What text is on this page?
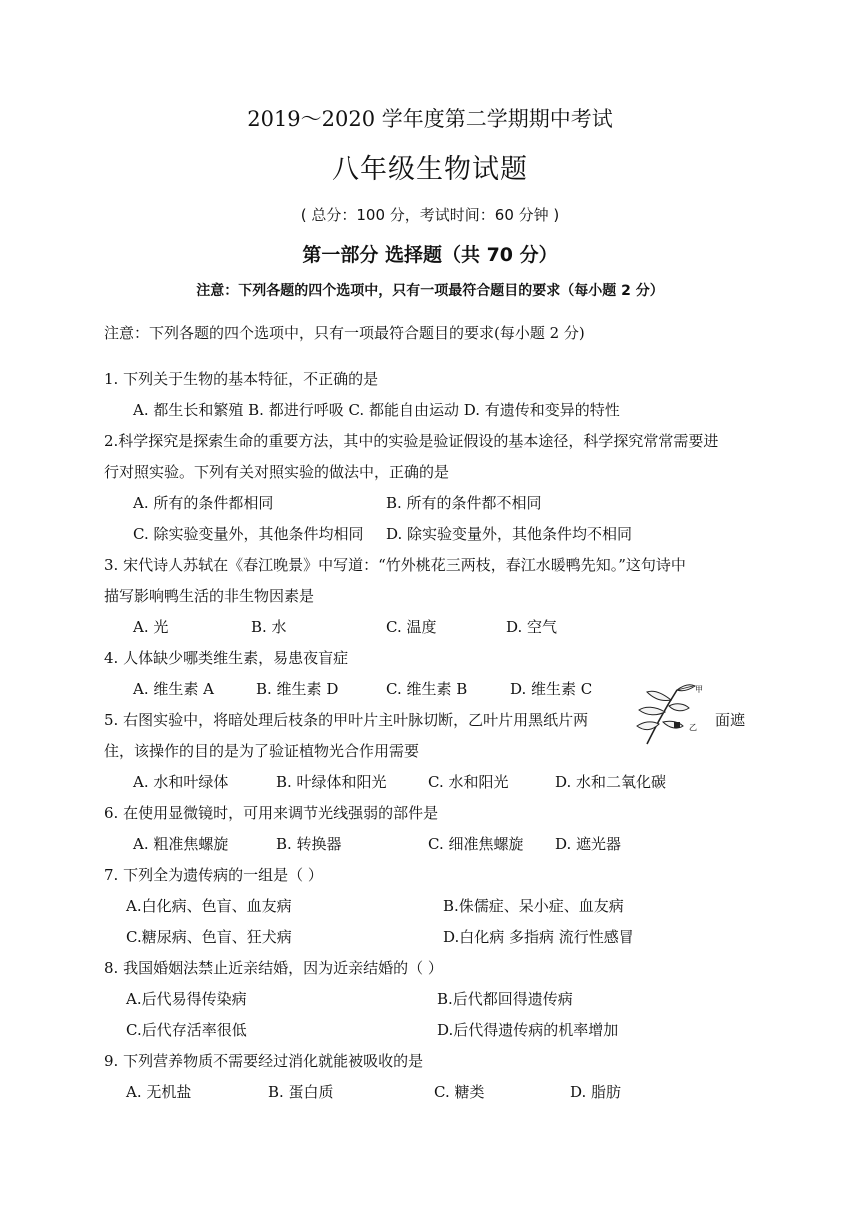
2019～2020 学年度第二学期期中考试
八年级生物试题
( 总分：100 分，考试时间：60 分钟 )
第一部分 选择题（共 70 分）
注意：下列各题的四个选项中，只有一项最符合题目的要求（每小题 2 分）
注意：下列各题的四个选项中，只有一项最符合题目的要求(每小题 2 分)
1. 下列关于生物的基本特征，不正确的是
A. 都生长和繁殖 B. 都进行呼吸 C. 都能自由运动 D. 有遗传和变异的特性
2.科学探究是探索生命的重要方法，其中的实验是验证假设的基本途径，科学探究常常需要进
行对照实验。下列有关对照实验的做法中，正确的是
A. 所有的条件都相同	B. 所有的条件都不相同
C. 除实验变量外，其他条件均相同 D. 除实验变量外，其他条件均不相同
3. 宋代诗人苏轼在《春江晚景》中写道：“竹外桃花三两枝，春江水暖鸭先知。”这句诗中
描写影响鸭生活的非生物因素是
A. 光	B. 水	C. 温度	D. 空气
4. 人体缺少哪类维生素，易患夜盲症
A. 维生素 A	B. 维生素 D	C. 维生素 B	D. 维生素 C	甲
乙
5. 右图实验中，将暗处理后枝条的甲叶片主叶脉切断，乙叶片用黑纸片两	面遮
住，该操作的目的是为了验证植物光合作用需要
A. 水和叶绿体	B. 叶绿体和阳光	C. 水和阳光	D. 水和二氧化碳
6. 在使用显微镜时，可用来调节光线强弱的部件是
A. 粗准焦螺旋	B. 转换器	C. 细准焦螺旋 D. 遮光器
7. 下列全为遗传病的一组是（ ）
A.白化病、色盲、血友病	B.侏儒症、呆小症、血友病
C.糖尿病、色盲、狂犬病	D.白化病 多指病 流行性感冒
8. 我国婚姻法禁止近亲结婚，因为近亲结婚的（ ）
A.后代易得传染病	B.后代都回得遗传病
C.后代存活率很低	D.后代得遗传病的机率增加
9. 下列营养物质不需要经过消化就能被吸收的是
A. 无机盐	B. 蛋白质	C. 糖类	D. 脂肪
